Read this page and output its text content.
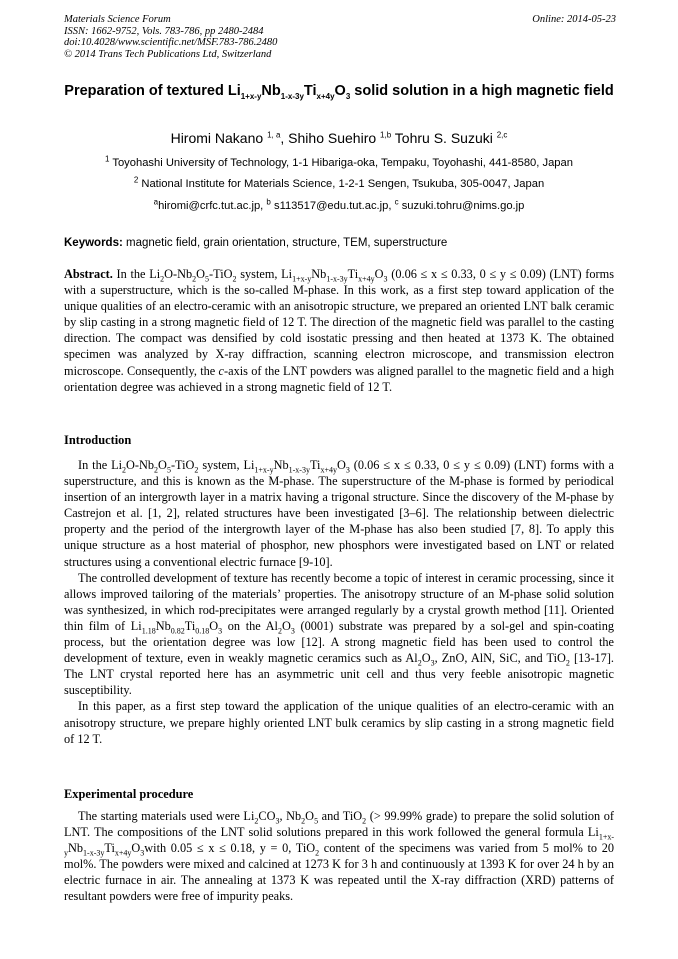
Materials Science Forum
ISSN: 1662-9752, Vols. 783-786, pp 2480-2484
doi:10.4028/www.scientific.net/MSF.783-786.2480
© 2014 Trans Tech Publications Ltd, Switzerland
Online: 2014-05-23
Preparation of textured $Li_{1+x-y}Nb_{1-x-3y}Ti_{x+4y}O_3$ solid solution in a high magnetic field
Hiromi Nakano $^{1, a}$, Shiho Suehiro $^{1,b}$ Tohru S. Suzuki $^{2,c}$
$^1$ Toyohashi University of Technology, 1-1 Hibariga-oka, Tempaku, Toyohashi, 441-8580, Japan
$^2$ National Institute for Materials Science, 1-2-1 Sengen, Tsukuba, 305-0047, Japan
$^a$hiromi@crfc.tut.ac.jp, $^b$ s113517@edu.tut.ac.jp, $^c$ suzuki.tohru@nims.go.jp
Keywords: magnetic field, grain orientation, structure, TEM, superstructure

Abstract. In the $Li_2O-Nb_2O_5-TiO_2$ system, $Li_{1+x-y}Nb_{1-x-3y}Ti_{x+4y}O_3$ (0.06 ≤ x ≤ 0.33, 0 ≤ y ≤ 0.09) (LNT) forms with a superstructure, which is the so-called M-phase. In this work, as a first step toward application of the unique qualities of an electro-ceramic with an anisotropic structure, we prepared an oriented LNT balk ceramic by slip casting in a strong magnetic field of 12 T. The direction of the magnetic field was parallel to the casting direction. The compact was densified by cold isostatic pressing and then heated at 1373 K. The obtained specimen was analyzed by X-ray diffraction, scanning electron microscope, and transmission electron microscope. Consequently, the c-axis of the LNT powders was aligned parallel to the magnetic field and a high orientation degree was achieved in a strong magnetic field of 12 T.

Introduction

In the $Li_2O-Nb_2O_5-TiO_2$ system, $Li_{1+x-y}Nb_{1-x-3y}Ti_{x+4y}O_3$ (0.06 ≤ x ≤ 0.33, 0 ≤ y ≤ 0.09) (LNT) forms with a superstructure, and this is known as the M-phase. The superstructure of the M-phase is formed by periodical insertion of an intergrowth layer in a matrix having a trigonal structure. Since the discovery of the M-phase by Castrejon et al. [1, 2], related structures have been investigated [3–6]. The relationship between dielectric property and the period of the intergrowth layer of the M-phase has also been studied [7, 8]. To apply this unique structure as a host material of phosphor, new phosphors were investigated based on LNT or related structures using a conventional electric furnace [9-10].

The controlled development of texture has recently become a topic of interest in ceramic processing, since it allows improved tailoring of the materials’ properties. The anisotropy structure of an M-phase solid solution was synthesized, in which rod-precipitates were arranged regularly by a crystal growth method [11]. Oriented thin film of $Li_{1.18}Nb_{0.82}Ti_{0.18}O_3$ on the $Al_2O_3$ (0001) substrate was prepared by a sol-gel and spin-coating process, but the orientation degree was low [12]. A strong magnetic field has been used to control the development of texture, even in weakly magnetic ceramics such as $Al_2O_3$, ZnO, AlN, SiC, and TiO$_2$ [13-17]. The LNT crystal reported here has an asymmetric unit cell and thus very feeble anisotropic magnetic susceptibility.

In this paper, as a first step toward the application of the unique qualities of an electro-ceramic with an anisotropy structure, we prepare highly oriented LNT bulk ceramics by slip casting in a strong magnetic field of 12 T.

Experimental procedure

The starting materials used were $Li_2CO_3$, $Nb_2O_5$ and TiO$_2$ (> 99.99% grade) to prepare the solid solution of LNT. The compositions of the LNT solid solutions prepared in this work followed the general formula $Li_{1+x-y}Nb_{1-x-3y}Ti_{x+4y}O_3with$ 0.05 ≤ x ≤ 0.18, y = 0, TiO$_2$ content of the specimens was varied from 5 mol% to 20 mol%. The powders were mixed and calcined at 1273 K for 3 h and continuously at 1393 K for over 24 h by an electric furnace in air. The annealing at 1373 K was repeated until the X-ray diffraction (XRD) patterns of resultant powders were free of impurity peaks.
